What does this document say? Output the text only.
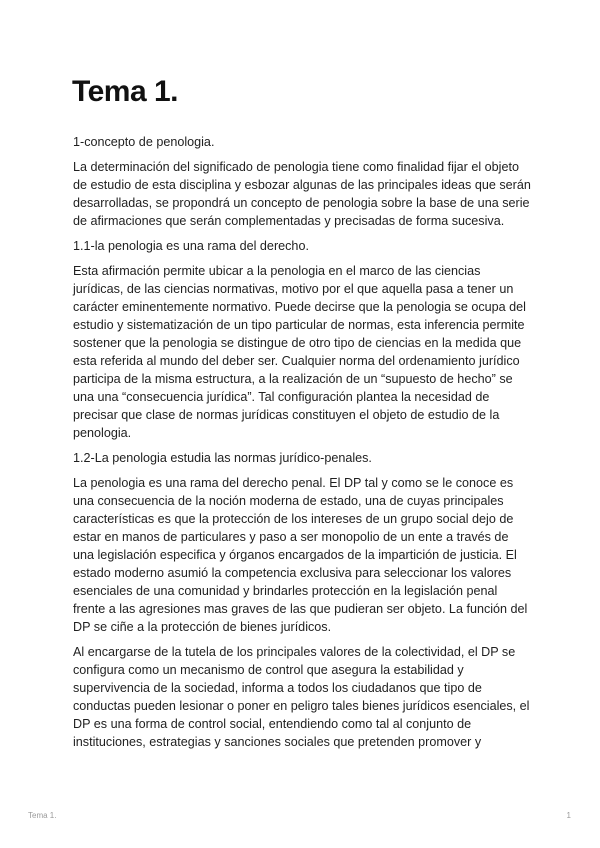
Tema 1.

1-concepto de penologia.

La determinación del significado de penologia tiene como finalidad fijar el objeto de estudio de esta disciplina y esbozar algunas de las principales ideas que serán desarrolladas, se propondrá un concepto de penologia sobre la base de una serie de afirmaciones que serán complementadas y precisadas de forma sucesiva.

1.1-la penologia es una rama del derecho.

Esta afirmación permite ubicar a la penologia en el marco de las ciencias jurídicas, de las ciencias normativas, motivo por el que aquella pasa a tener un carácter eminentemente normativo. Puede decirse que la penologia se ocupa del estudio y sistematización de un tipo particular de normas, esta inferencia permite sostener que la penologia se distingue de otro tipo de ciencias en la medida que esta referida al mundo del deber ser. Cualquier norma del ordenamiento jurídico participa de la misma estructura, a la realización de un “supuesto de hecho” se una una “consecuencia jurídica”. Tal configuración plantea la necesidad de precisar que clase de normas jurídicas constituyen el objeto de estudio de la penologia.

1.2-La penologia estudia las normas jurídico-penales.

La penologia es una rama del derecho penal. El DP tal y como se le conoce es una consecuencia de la noción moderna de estado, una de cuyas principales características es que la protección de los intereses de un grupo social dejo de estar en manos de particulares y paso a ser monopolio de un ente a través de una legislación especifica y órganos encargados de la impartición de justicia. El estado moderno asumió la competencia exclusiva para seleccionar los valores esenciales de una comunidad y brindarles protección en la legislación penal frente a las agresiones mas graves de las que pudieran ser objeto. La función del DP se ciñe a la protección de bienes jurídicos.

Al encargarse de la tutela de los principales valores de la colectividad, el DP se configura como un mecanismo de control que asegura la estabilidad y supervivencia de la sociedad, informa a todos los ciudadanos que tipo de conductas pueden lesionar o poner en peligro tales bienes jurídicos esenciales, el DP es una forma de control social, entendiendo como tal al conjunto de instituciones, estrategias y sanciones sociales que pretenden promover y

Tema 1.	1
